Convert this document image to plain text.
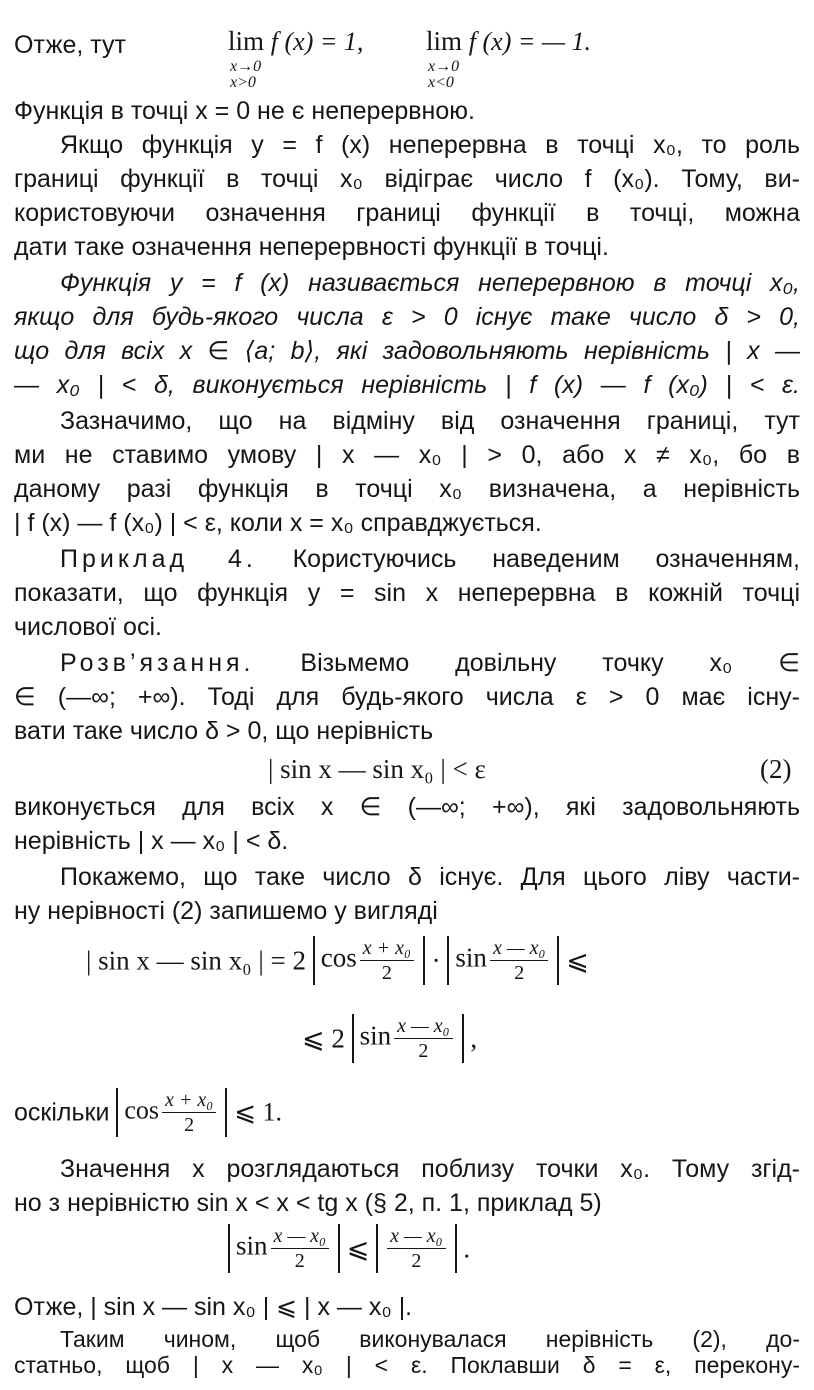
Отже, тут	lim f (x) = 1,
x→0
x>0
lim f (x) = — 1.
x→0
x<0
Функція в точці x = 0 не є неперервною.
Якщо функція y = f (x) неперервна в точці x₀, то роль
границі функції в точці x₀ відіграє число f (x₀). Тому, ви-
користовуючи означення границі функції в точці, можна
дати таке означення неперервності функції в точці.
Функція y = f (x) називається неперервною в точці x₀,
якщо для будь-якого числа ε > 0 існує таке число δ > 0,
що для всіх x ∈ ⟨a; b⟩, які задовольняють нерівність | x —
— x₀ | < δ, виконується нерівність | f (x) — f (x₀) | < ε.
Зазначимо, що на відміну від означення границі, тут
ми не ставимо умову | x — x₀ | > 0, або x ≠ x₀, бо в
даному разі функція в точці x₀ визначена, а нерівність
| f (x) — f (x₀) | < ε, коли x = x₀ справджується.
Приклад 4. Користуючись наведеним означенням,
показати, що функція y = sin x неперервна в кожній точці
числової осі.
Розв’язання. Візьмемо довільну точку x₀ ∈
∈ (—∞; +∞). Тоді для будь-якого числа ε > 0 має існу-
вати таке число δ > 0, що нерівність
| sin x — sin x₀ | < ε	(2)
виконується для всіх x ∈ (—∞; +∞), які задовольняють
нерівність | x — x₀ | < δ.
Покажемо, що таке число δ існує. Для цього ліву части-
ну нерівності (2) запишемо у вигляді
| sin x — sin x₀ | = 2 $\cos \frac{\text{x + x₀}}{2} \cdot \sin \frac{\text{x — x₀}}{2}$ ⩽
⩽ 2 $\sin \frac{\text{x — x₀}}{2}$ ,
оскільки $\cos \frac{\text{x + x₀}}{2}$ ⩽ 1.
Значення x розглядаються поблизу точки x₀. Тому згід-
но з нерівністю sin x < x < tg x (§ 2, п. 1, приклад 5)
$\sin \frac{\text{x — x₀}}{2}$ ⩽ $\frac{\text{x — x₀}}{2}$ .
Отже, | sin x — sin x₀ | ⩽ | x — x₀ |.
Таким чином, щоб виконувалася нерівність (2), до-
статньо, щоб | x — x₀ | < ε. Поклавши δ = ε, перекону-
